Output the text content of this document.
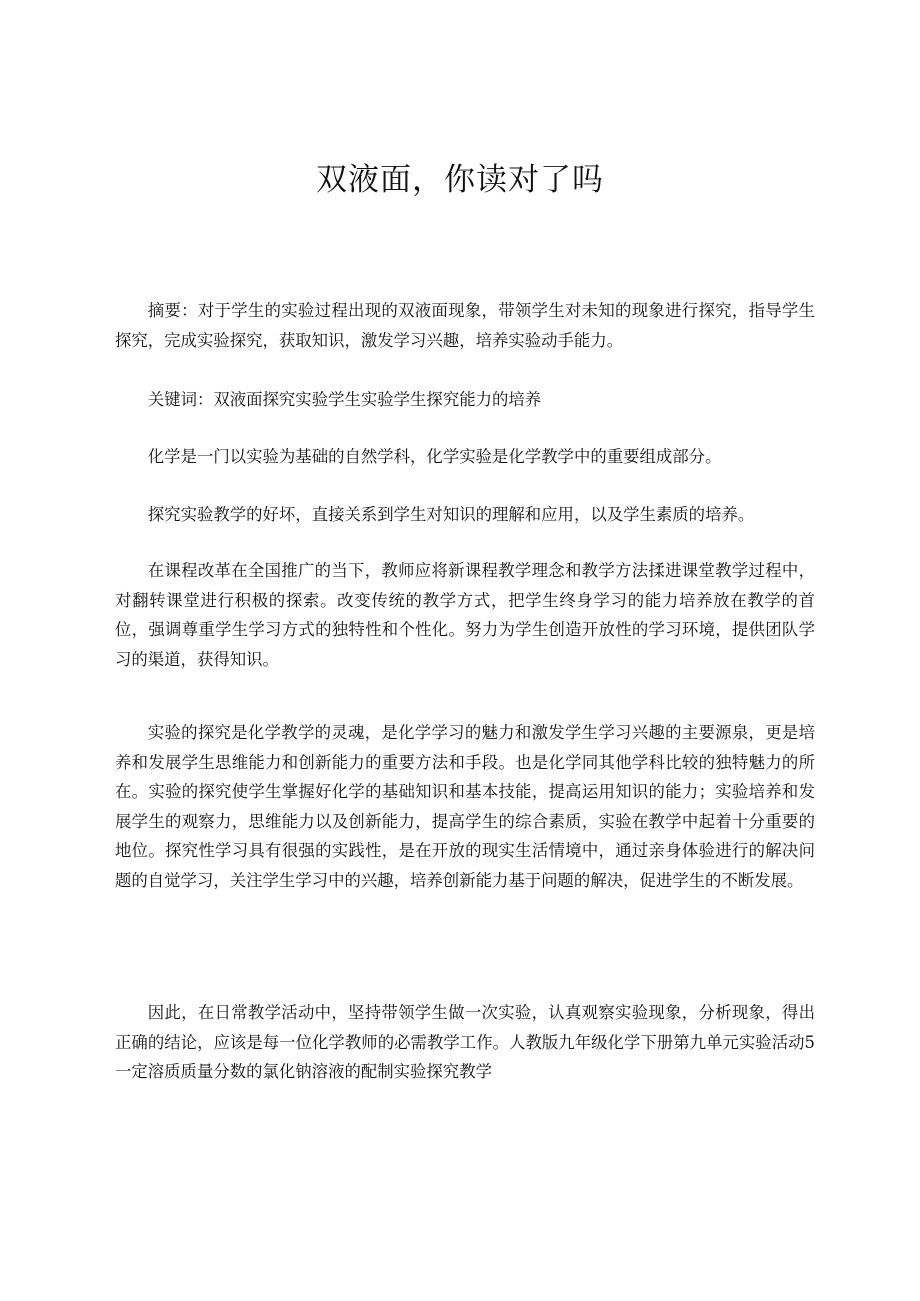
双液面，你读对了吗

摘要：对于学生的实验过程出现的双液面现象，带领学生对未知的现象进行探究，指导学生探究，完成实验探究，获取知识，激发学习兴趣，培养实验动手能力。

关键词：双液面探究实验学生实验学生探究能力的培养

化学是一门以实验为基础的自然学科，化学实验是化学教学中的重要组成部分。

探究实验教学的好坏，直接关系到学生对知识的理解和应用，以及学生素质的培养。

在课程改革在全国推广的当下，教师应将新课程教学理念和教学方法揉进课堂教学过程中，对翻转课堂进行积极的探索。改变传统的教学方式，把学生终身学习的能力培养放在教学的首位，强调尊重学生学习方式的独特性和个性化。努力为学生创造开放性的学习环境，提供团队学习的渠道，获得知识。

实验的探究是化学教学的灵魂，是化学学习的魅力和激发学生学习兴趣的主要源泉，更是培养和发展学生思维能力和创新能力的重要方法和手段。也是化学同其他学科比较的独特魅力的所在。实验的探究使学生掌握好化学的基础知识和基本技能，提高运用知识的能力；实验培养和发展学生的观察力，思维能力以及创新能力，提高学生的综合素质，实验在教学中起着十分重要的地位。探究性学习具有很强的实践性，是在开放的现实生活情境中，通过亲身体验进行的解决问题的自觉学习，关注学生学习中的兴趣，培养创新能力基于问题的解决，促进学生的不断发展。

因此，在日常教学活动中，坚持带领学生做一次实验，认真观察实验现象，分析现象，得出正确的结论，应该是每一位化学教师的必需教学工作。人教版九年级化学下册第九单元实验活动5一定溶质质量分数的氯化钠溶液的配制实验探究教学
